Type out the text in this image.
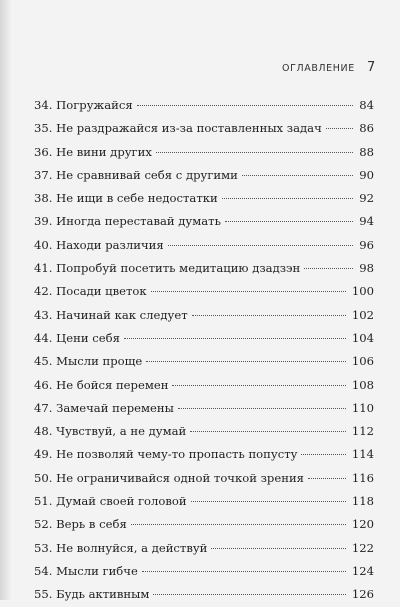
ОГЛАВЛЕНИЕ 7
34. Погружайся	84
35. Не раздражайся из-за поставленных задач	86
36. Не вини других	88
37. Не сравнивай себя с другими	90
38. Не ищи в себе недостатки	92
39. Иногда переставай думать	94
40. Находи различия	96
41. Попробуй посетить медитацию дзадзэн	98
42. Посади цветок	100
43. Начинай как следует	102
44. Цени себя	104
45. Мысли проще	106
46. Не бойся перемен	108
47. Замечай перемены	110
48. Чувствуй, а не думай	112
49. Не позволяй чему-то пропасть попусту	114
50. Не ограничивайся одной точкой зрения	116
51. Думай своей головой	118
52. Верь в себя	120
53. Не волнуйся, а действуй	122
54. Мысли гибче	124
55. Будь активным	126
